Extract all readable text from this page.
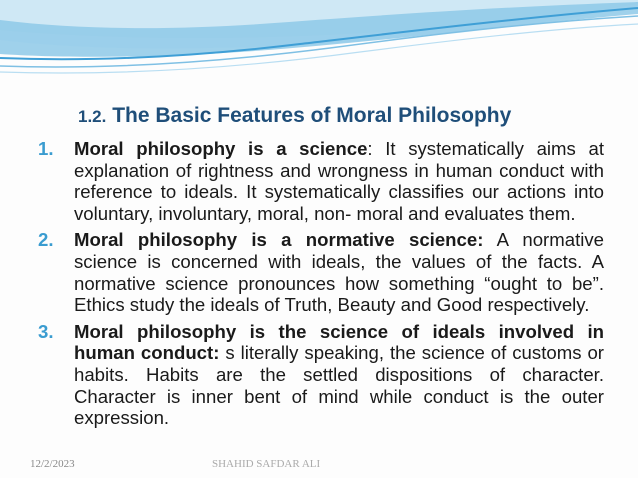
1.2. The Basic Features of Moral Philosophy
1. Moral philosophy is a science: It systematically aims at explanation of rightness and wrongness in human conduct with reference to ideals. It systematically classifies our actions into voluntary, involuntary, moral, non- moral and evaluates them.
2. Moral philosophy is a normative science: A normative science is concerned with ideals, the values of the facts. A normative science pronounces how something “ought to be”. Ethics study the ideals of Truth, Beauty and Good respectively.
3. Moral philosophy is the science of ideals involved in human conduct: s literally speaking, the science of customs or habits. Habits are the settled dispositions of character. Character is inner bent of mind while conduct is the outer expression.
12/2/2023	SHAHID SAFDAR ALI
